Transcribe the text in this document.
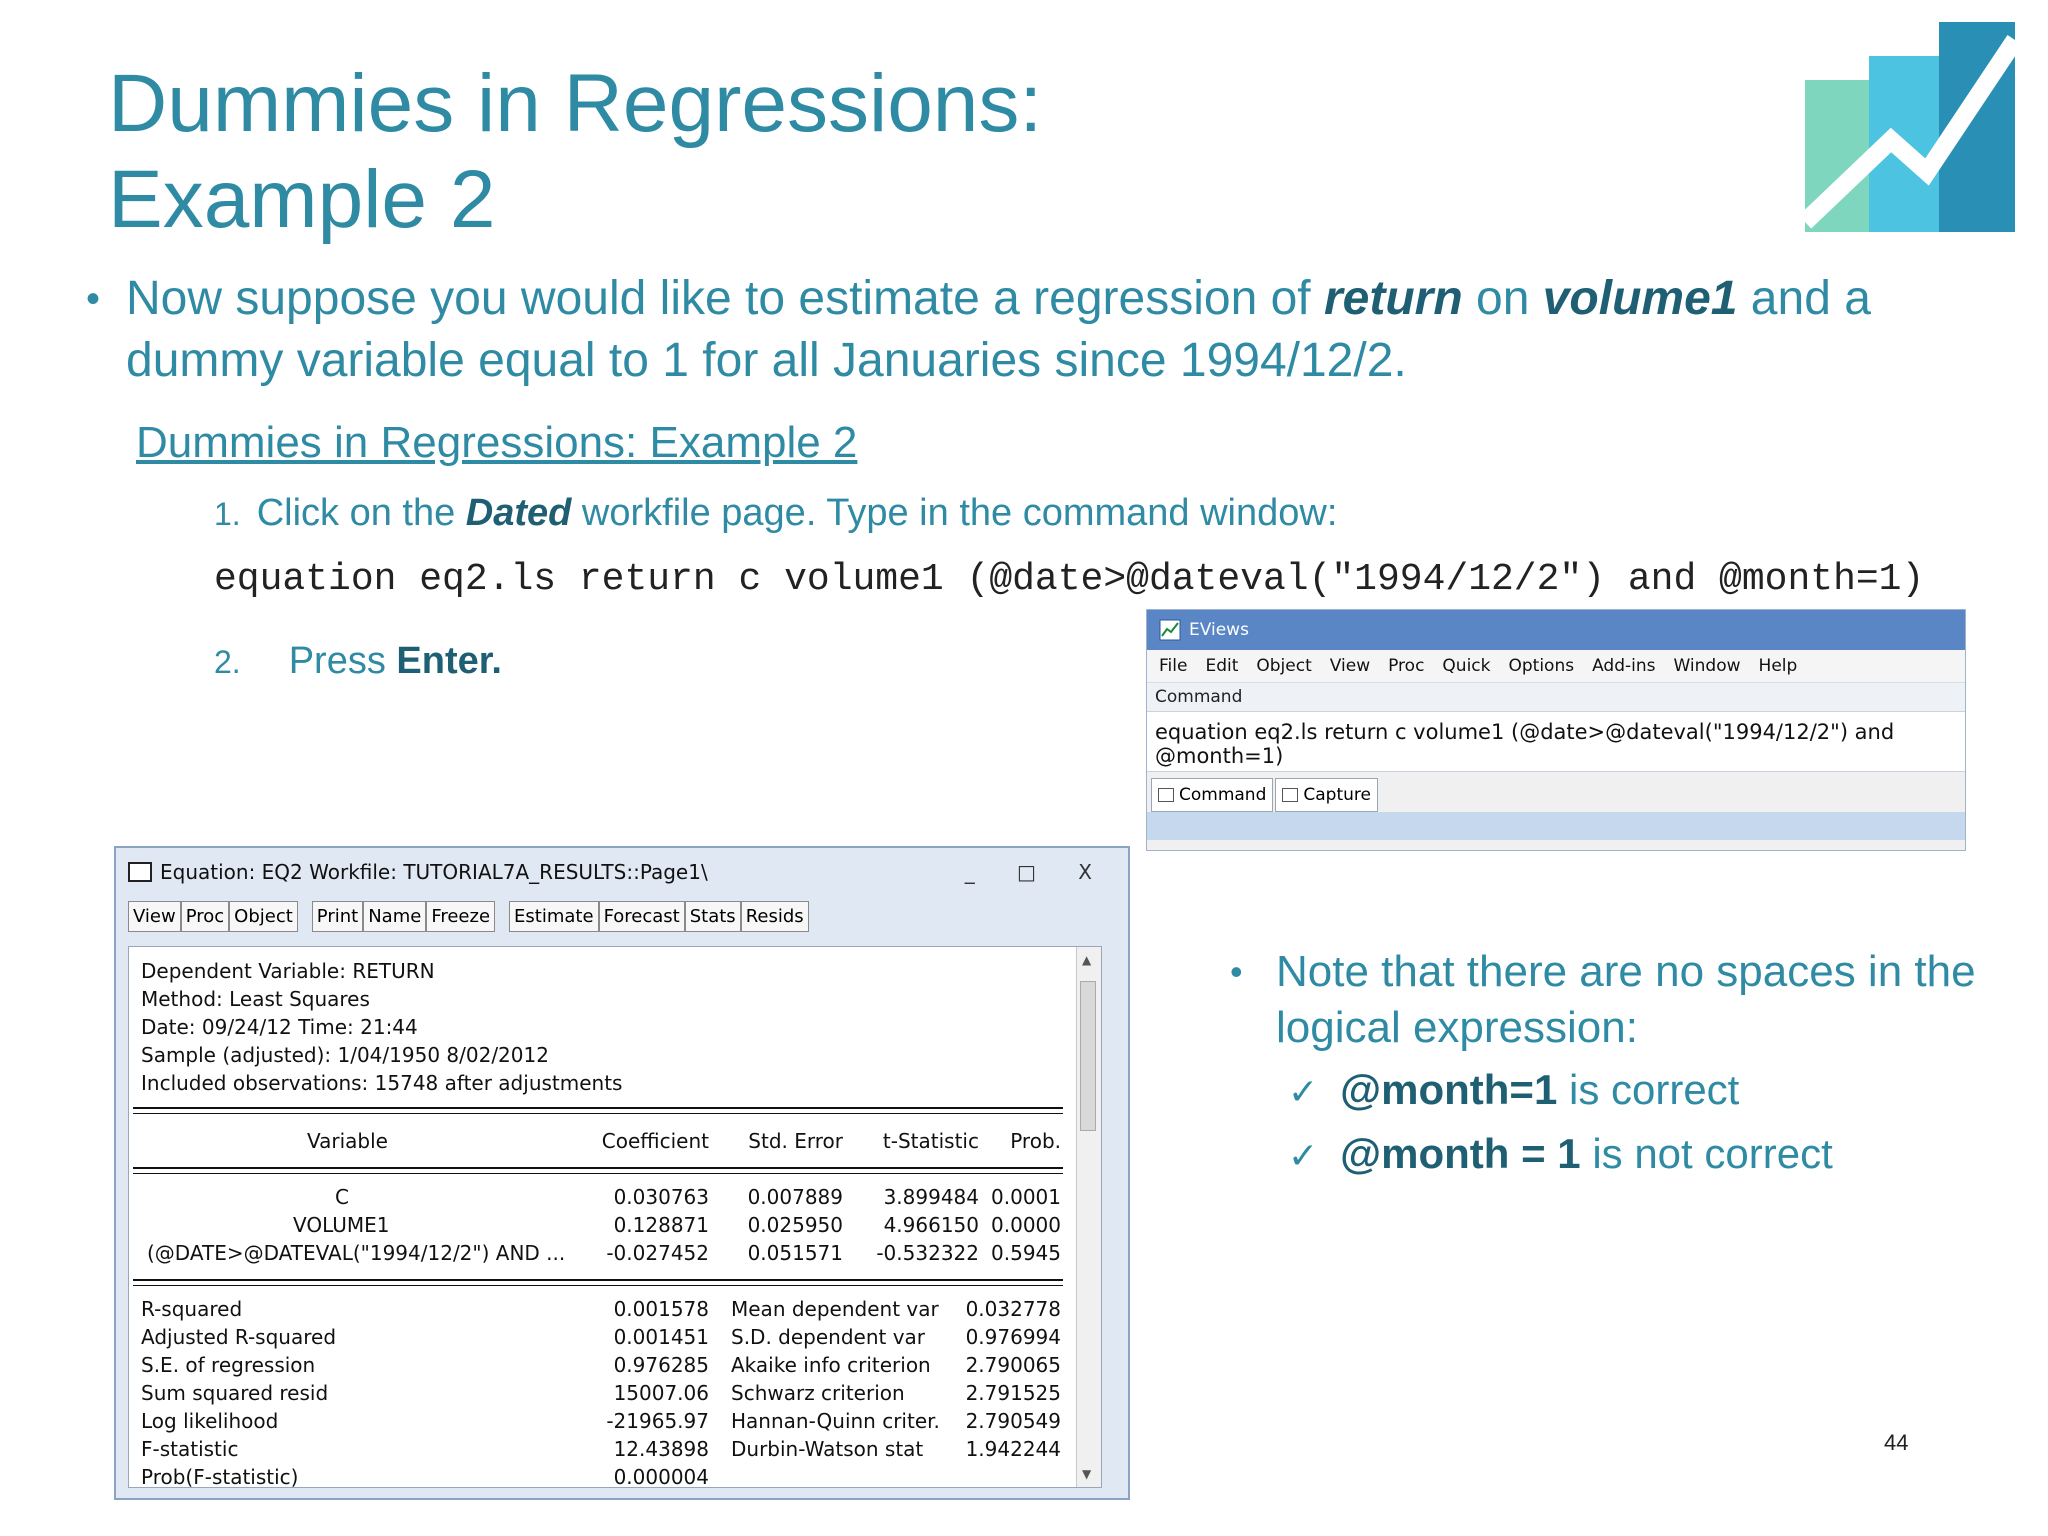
Dummies in Regressions:
Example 2
• Now suppose you would like to estimate a regression of return on volume1 and a dummy variable equal to 1 for all Januaries since 1994/12/2.
Dummies in Regressions: Example 2
1. Click on the Dated workfile page. Type in the command window:
equation eq2.ls return c volume1 (@date>@dateval("1994/12/2") and @month=1)
2. Press Enter.
EViews
File Edit Object View Proc Quick Options Add-ins Window Help
Command
equation eq2.ls return c volume1 (@date>@dateval("1994/12/2") and @month=1)
Command Capture
Equation: EQ2 Workfile: TUTORIAL7A_RESULTS::Page1\	_ □ X
View Proc Object Print Name Freeze Estimate Forecast Stats Resids
Dependent Variable: RETURN
Method: Least Squares
Date: 09/24/12 Time: 21:44
Sample (adjusted): 1/04/1950 8/02/2012
Included observations: 15748 after adjustments
Variable	Coefficient	Std. Error	t-Statistic	Prob.
C	0.030763	0.007889	3.899484 0.0001
VOLUME1	0.128871	0.025950	4.966150 0.0000
(@DATE>@DATEVAL("1994/12/2") AND ...	-0.027452	0.051571	-0.532322 0.5945
R-squared	0.001578 Mean dependent var	0.032778
Adjusted R-squared	0.001451 S.D. dependent var	0.976994
S.E. of regression	0.976285 Akaike info criterion	2.790065
Sum squared resid	15007.06 Schwarz criterion	2.791525
Log likelihood	-21965.97 Hannan-Quinn criter.	2.790549
F-statistic	12.43898 Durbin-Watson stat	1.942244
Prob(F-statistic)	0.000004
▲
▼
• Note that there are no spaces in the logical expression:
✓ @month=1 is correct
✓ @month = 1 is not correct
44
